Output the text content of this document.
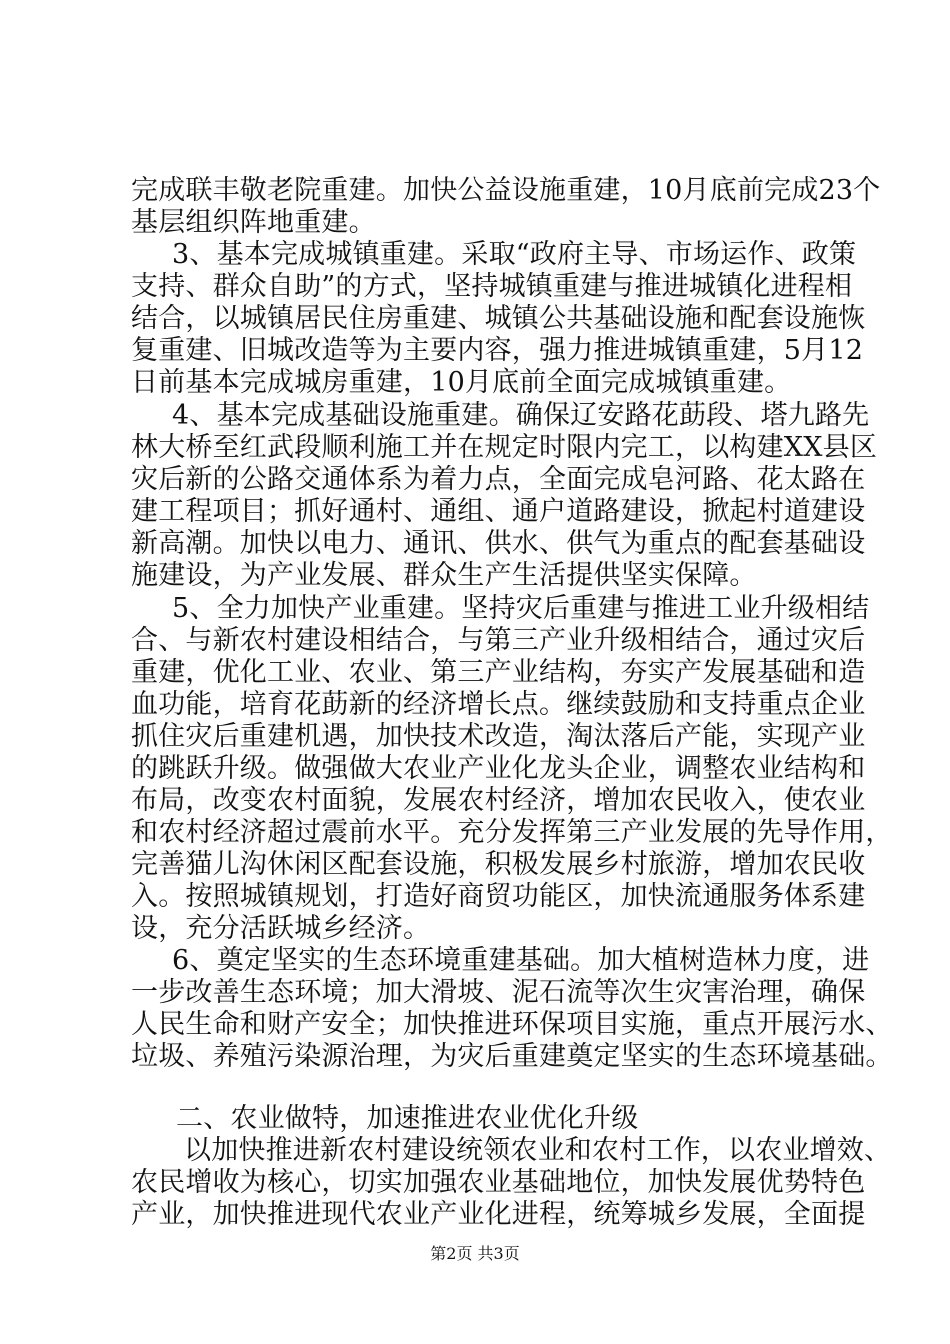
完成联丰敬老院重建。加快公益设施重建，10月底前完成23个
基层组织阵地重建。
3、基本完成城镇重建。采取“政府主导、市场运作、政策
支持、群众自助”的方式，坚持城镇重建与推进城镇化进程相
结合，以城镇居民住房重建、城镇公共基础设施和配套设施恢
复重建、旧城改造等为主要内容，强力推进城镇重建，5月12
日前基本完成城房重建，10月底前全面完成城镇重建。
4、基本完成基础设施重建。确保辽安路花莇段、塔九路先
林大桥至红武段顺利施工并在规定时限内完工，以构建XX县区
灾后新的公路交通体系为着力点，全面完成皂河路、花太路在
建工程项目；抓好通村、通组、通户道路建设，掀起村道建设
新高潮。加快以电力、通讯、供水、供气为重点的配套基础设
施建设，为产业发展、群众生产生活提供坚实保障。
5、全力加快产业重建。坚持灾后重建与推进工业升级相结
合、与新农村建设相结合，与第三产业升级相结合，通过灾后
重建，优化工业、农业、第三产业结构，夯实产发展基础和造
血功能，培育花莇新的经济增长点。继续鼓励和支持重点企业
抓住灾后重建机遇，加快技术改造，淘汰落后产能，实现产业
的跳跃升级。做强做大农业产业化龙头企业，调整农业结构和
布局，改变农村面貌，发展农村经济，增加农民收入，使农业
和农村经济超过震前水平。充分发挥第三产业发展的先导作用，
完善猫儿沟休闲区配套设施，积极发展乡村旅游，增加农民收
入。按照城镇规划，打造好商贸功能区，加快流通服务体系建
设，充分活跃城乡经济。
6、奠定坚实的生态环境重建基础。加大植树造林力度，进
一步改善生态环境；加大滑坡、泥石流等次生灾害治理，确保
人民生命和财产安全；加快推进环保项目实施，重点开展污水、
垃圾、养殖污染源治理，为灾后重建奠定坚实的生态环境基础。
二、农业做特，加速推进农业优化升级
以加快推进新农村建设统领农业和农村工作，以农业增效、
农民增收为核心，切实加强农业基础地位，加快发展优势特色
产业，加快推进现代农业产业化进程，统筹城乡发展，全面提
第2页 共3页
